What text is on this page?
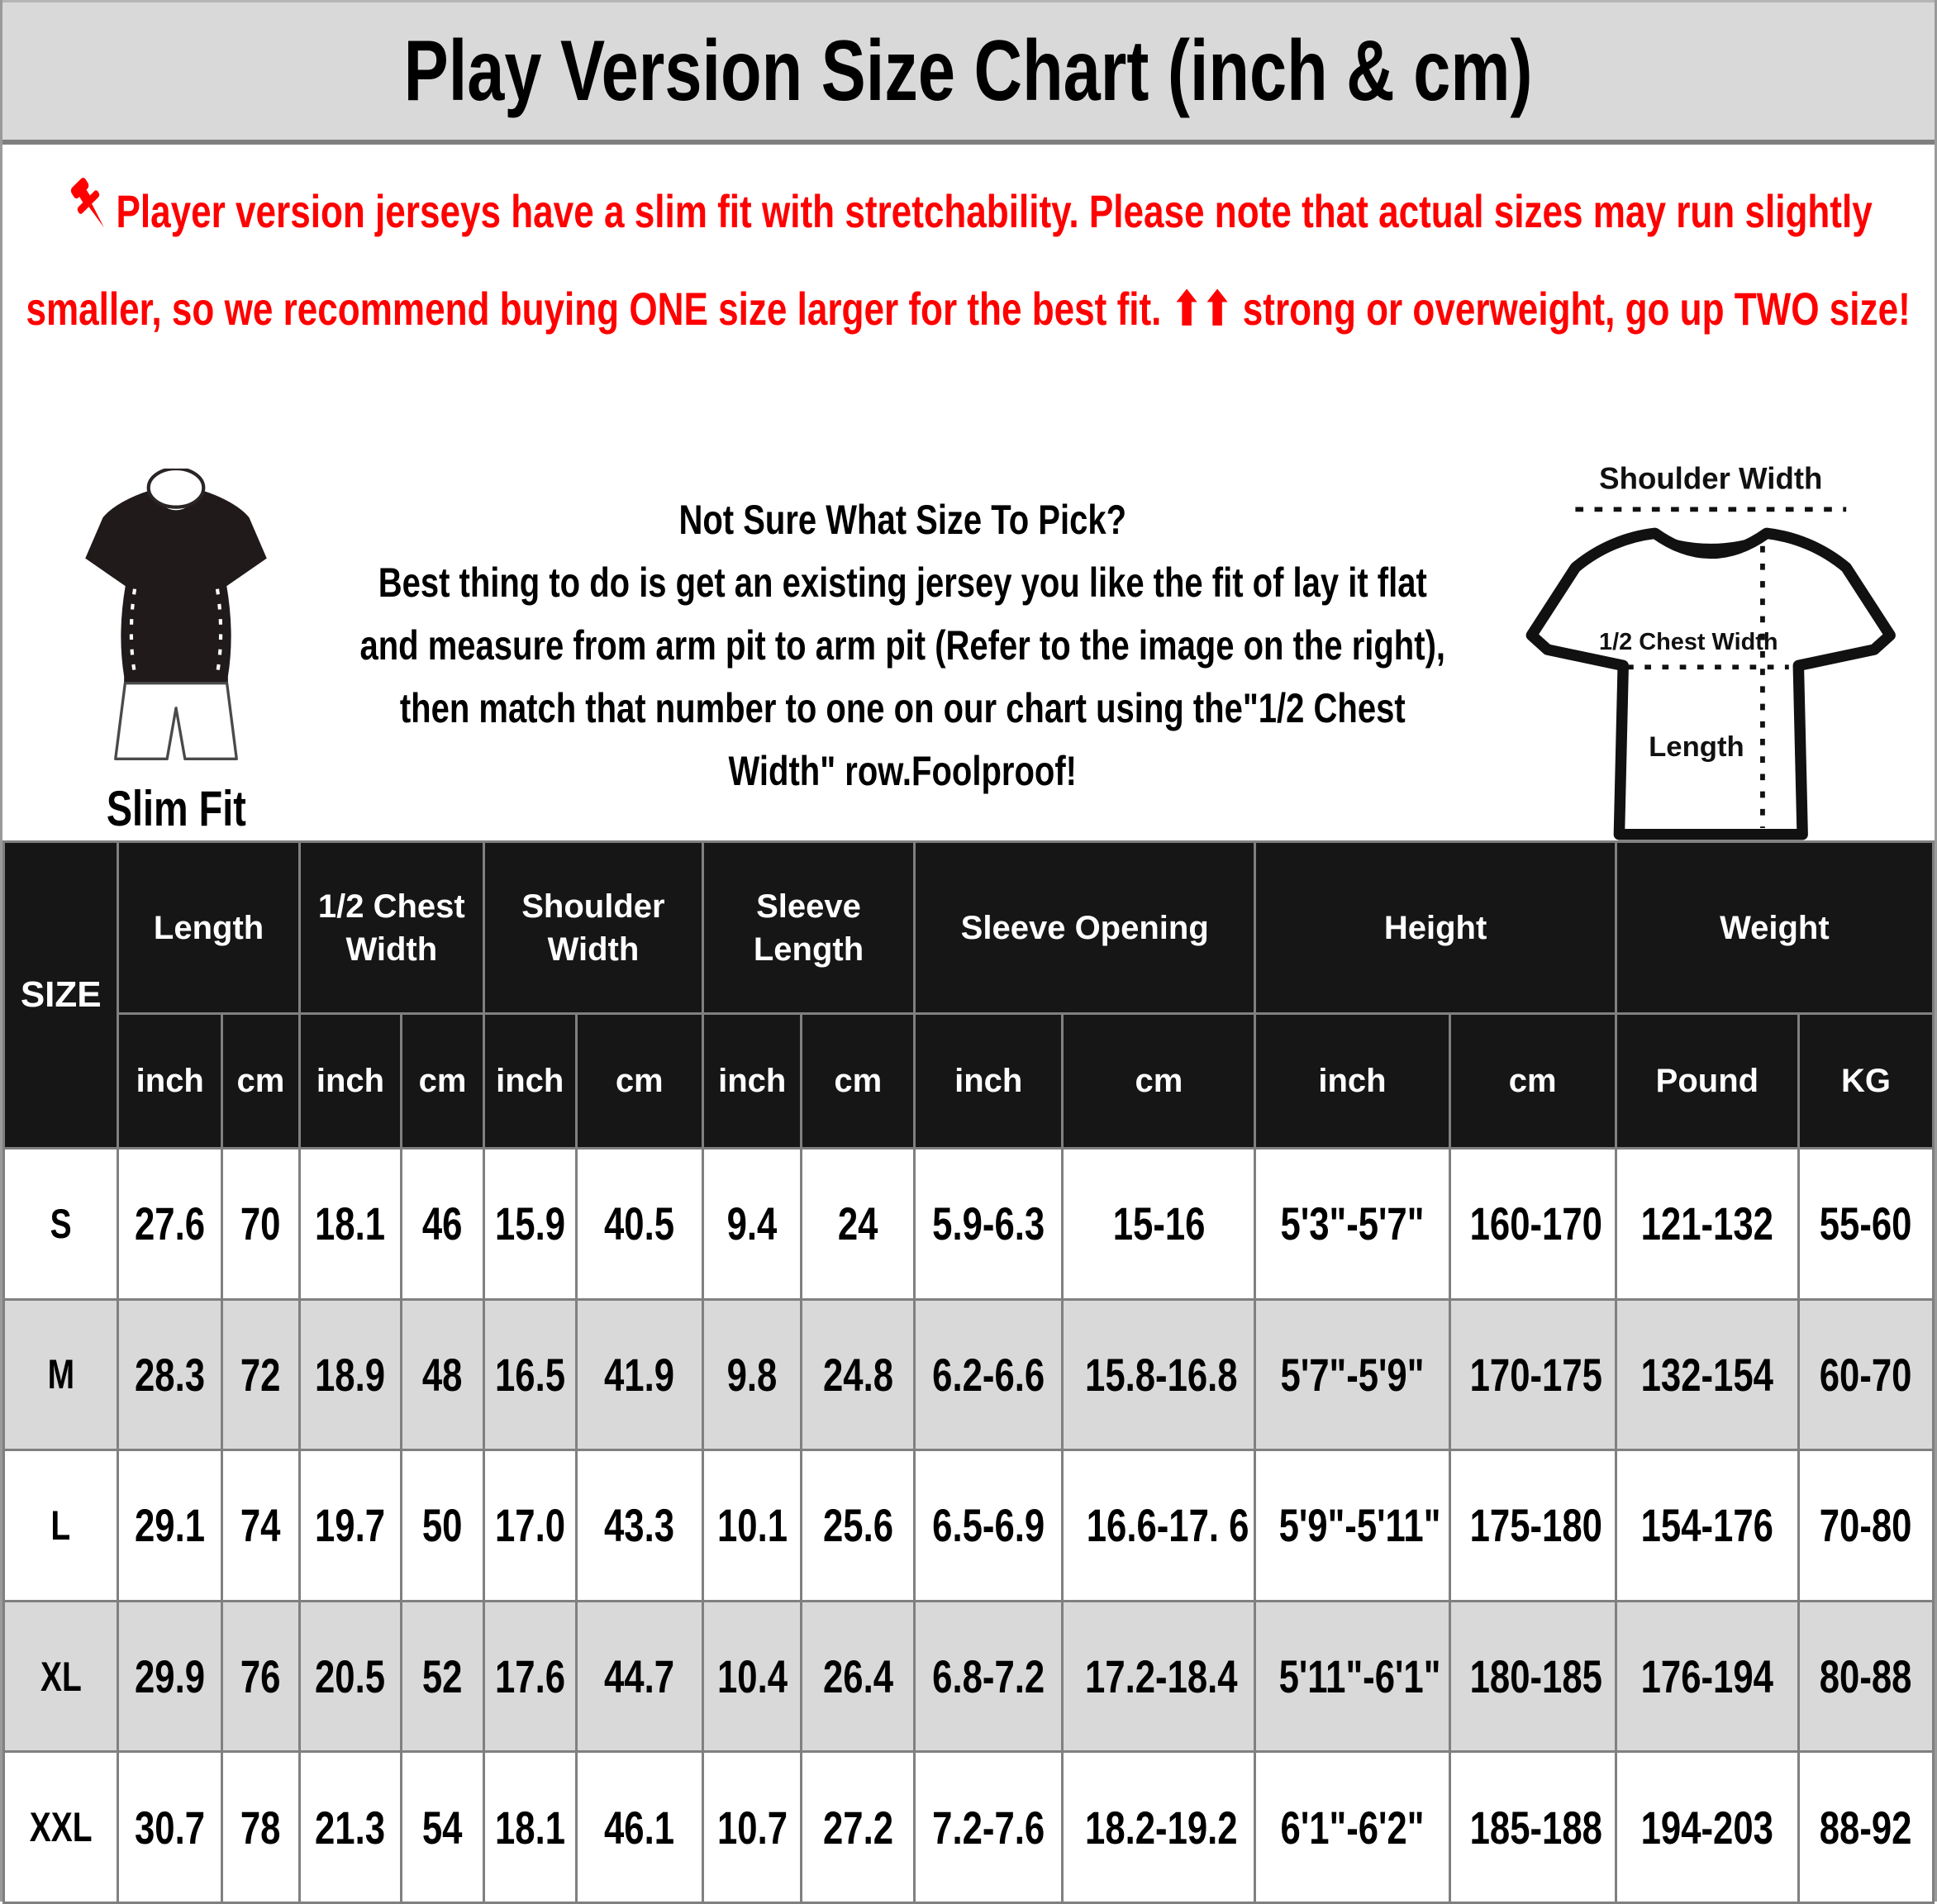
Play Version Size Chart (inch & cm)
Player version jerseys have a slim fit with stretchability. Please note that actual sizes may run slightly smaller, so we recommend buying ONE size larger for the best fit. ⬆⬆ strong or overweight, go up TWO size!
Slim Fit
Not Sure What Size To Pick?
Best thing to do is get an existing jersey you like the fit of lay it flat and measure from arm pit to arm pit (Refer to the image on the right), then match that number to one on our chart using the"1/2 Chest Width" row.Foolproof!
Shoulder Width
1/2 Chest Width
Length
SIZE	Length		1/2 Chest Width		Shoulder Width		Sleeve Length		Sleeve Opening		Height		Weight	
	inch	cm	inch	cm	inch	cm	inch	cm	inch	cm	inch	cm	Pound	KG
S	27.6	70	18.1	46	15.9	40.5	9.4	24	5.9-6.3	15-16	5'3"-5'7"	160-170	121-132	55-60
M	28.3	72	18.9	48	16.5	41.9	9.8	24.8	6.2-6.6	15.8-16.8	5'7"-5'9"	170-175	132-154	60-70
L	29.1	74	19.7	50	17.0	43.3	10.1	25.6	6.5-6.9	16.6-17. 6	5'9"-5'11"	175-180	154-176	70-80
XL	29.9	76	20.5	52	17.6	44.7	10.4	26.4	6.8-7.2	17.2-18.4	5'11"-6'1"	180-185	176-194	80-88
XXL	30.7	78	21.3	54	18.1	46.1	10.7	27.2	7.2-7.6	18.2-19.2	6'1"-6'2"	185-188	194-203	88-92
